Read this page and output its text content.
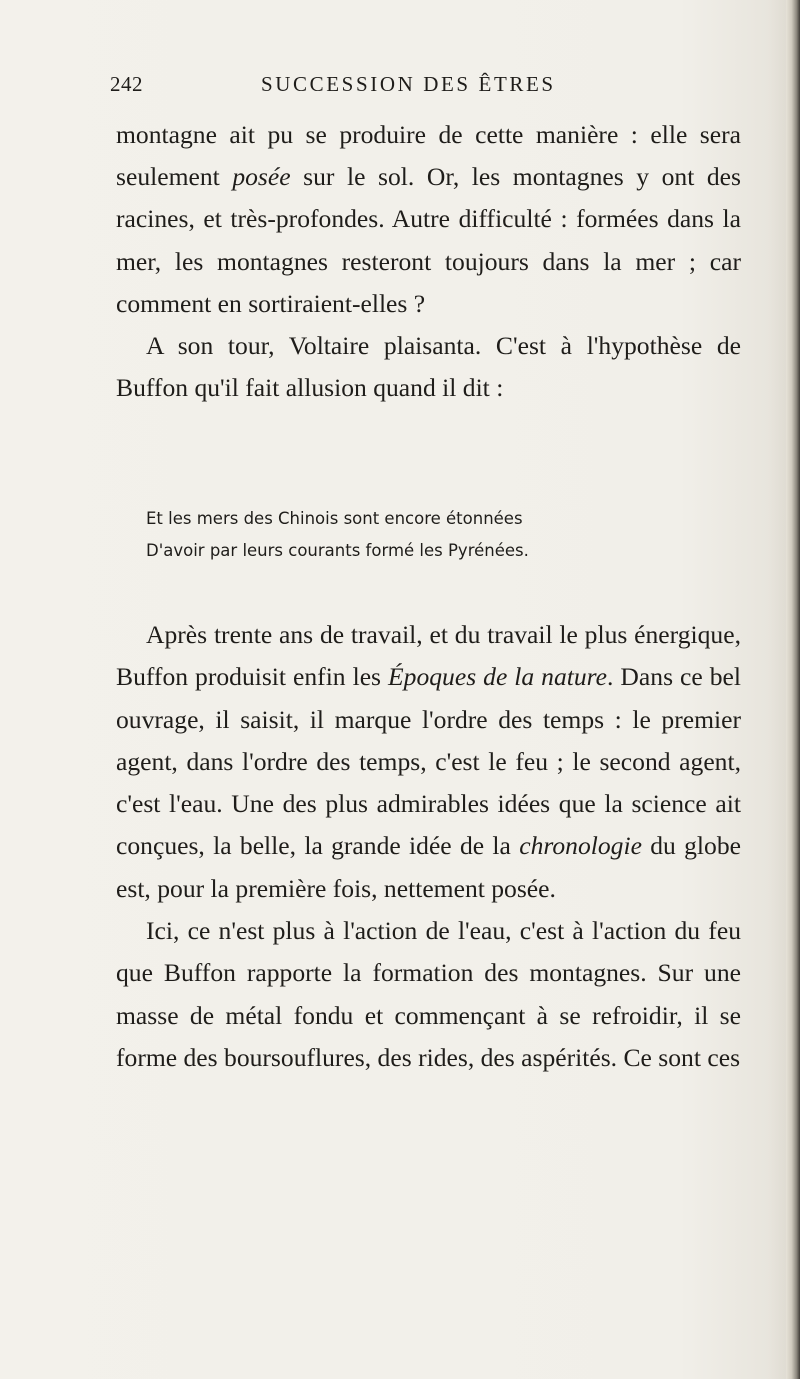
242	SUCCESSION DES ÊTRES

montagne ait pu se produire de cette manière : elle sera seulement posée sur le sol. Or, les montagnes y ont des racines, et très-profondes. Autre difficulté : formées dans la mer, les montagnes resteront toujours dans la mer ; car comment en sortiraient-elles ?

A son tour, Voltaire plaisanta. C'est à l'hypothèse de Buffon qu'il fait allusion quand il dit :

Et les mers des Chinois sont encore étonnées
D'avoir par leurs courants formé les Pyrénées.

Après trente ans de travail, et du travail le plus énergique, Buffon produisit enfin les Époques de la nature. Dans ce bel ouvrage, il saisit, il marque l'ordre des temps : le premier agent, dans l'ordre des temps, c'est le feu ; le second agent, c'est l'eau. Une des plus admirables idées que la science ait conçues, la belle, la grande idée de la chronologie du globe est, pour la première fois, nettement posée.

Ici, ce n'est plus à l'action de l'eau, c'est à l'action du feu que Buffon rapporte la formation des montagnes. Sur une masse de métal fondu et commençant à se refroidir, il se forme des boursouflures, des rides, des aspérités. Ce sont ces
